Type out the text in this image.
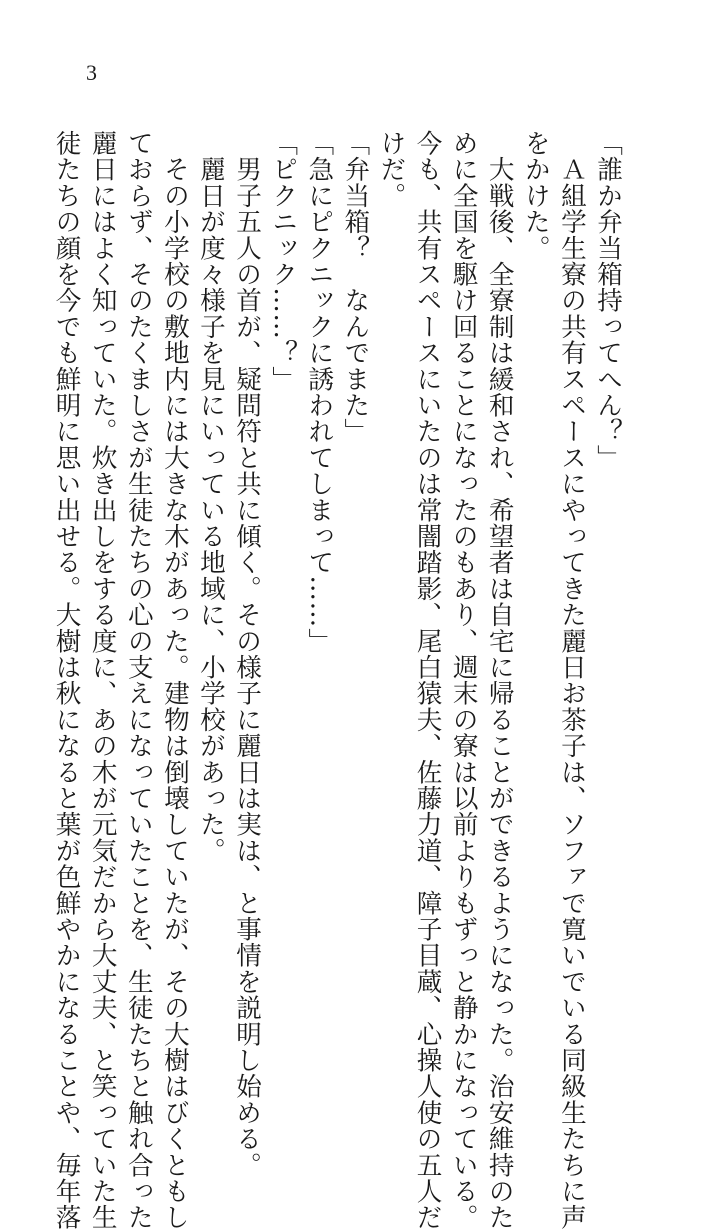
3
「誰か弁当箱持ってへん？」
　Ａ組学生寮の共有スペースにやってきた麗日お茶子は、ソファで寛いでいる同級生たちに声
をかけた。
　大戦後、全寮制は緩和され、希望者は自宅に帰ることができるようになった。治安維持のた
めに全国を駆け回ることになったのもあり、週末の寮は以前よりもずっと静かになっている。
今も、共有スペースにいたのは常闇踏影、尾白猿夫、佐藤力道、障子目蔵、心操人使の五人だ
けだ。
「弁当箱？　なんでまた」
「急にピクニックに誘われてしまって……」
「ピクニック……？」
　男子五人の首が、疑問符と共に傾く。その様子に麗日は実は、と事情を説明し始める。
　麗日が度々様子を見にいっている地域に、小学校があった。
　その小学校の敷地内には大きな木があった。建物は倒壊していたが、その大樹はびくともし
ておらず、そのたくましさが生徒たちの心の支えになっていたことを、生徒たちと触れ合った
麗日にはよく知っていた。炊き出しをする度に、あの木が元気だから大丈夫、と笑っていた生
徒たちの顔を今でも鮮明に思い出せる。大樹は秋になると葉が色鮮やかになることや、毎年落
